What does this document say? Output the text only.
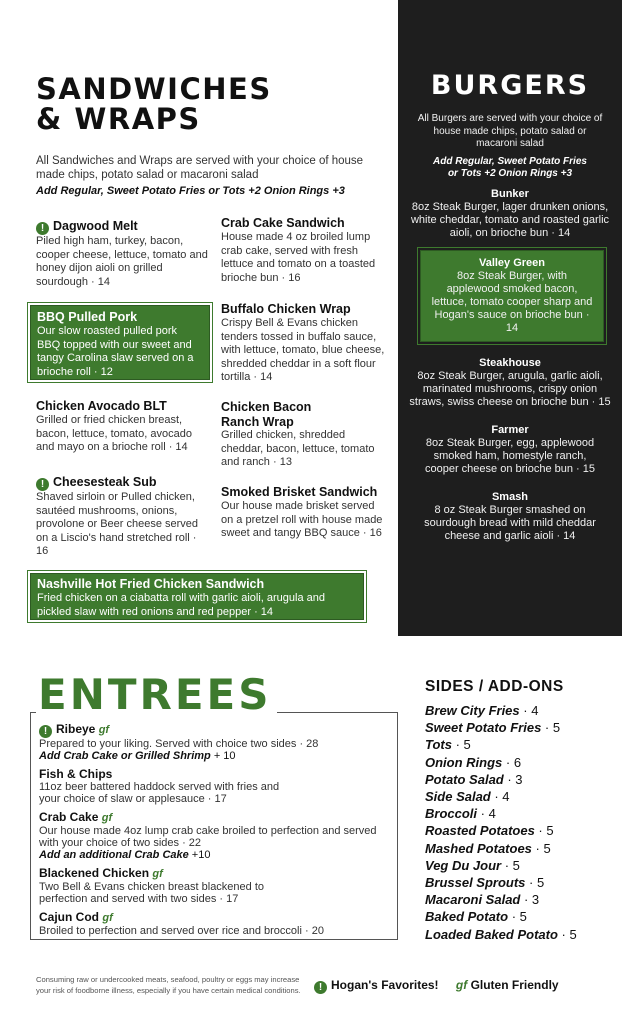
SANDWICHES
& WRAPS
All Sandwiches and Wraps are served with your choice of house made chips, potato salad or macaroni salad
Add Regular, Sweet Potato Fries or Tots +2 Onion Rings +3
! Dagwood Melt
Piled high ham, turkey, bacon, cooper cheese, lettuce, tomato and honey dijon aioli on grilled sourdough · 14
BBQ Pulled Pork
Our slow roasted pulled pork BBQ topped with our sweet and tangy Carolina slaw served on a brioche roll · 12
Chicken Avocado BLT
Grilled or fried chicken breast, bacon, lettuce, tomato, avocado and mayo on a brioche roll · 14
! Cheesesteak Sub
Shaved sirloin or Pulled chicken, sautéed mushrooms, onions, provolone or Beer cheese served on a Liscio's hand stretched roll · 16
Crab Cake Sandwich
House made 4 oz broiled lump crab cake, served with fresh lettuce and tomato on a toasted brioche bun · 16
Buffalo Chicken Wrap
Crispy Bell & Evans chicken tenders tossed in buffalo sauce, with lettuce, tomato, blue cheese, shredded cheddar in a soft flour tortilla · 14
Chicken Bacon Ranch Wrap
Grilled chicken, shredded cheddar, bacon, lettuce, tomato and ranch · 13
Smoked Brisket Sandwich
Our house made brisket served on a pretzel roll with house made sweet and tangy BBQ sauce · 16
Nashville Hot Fried Chicken Sandwich
Fried chicken on a ciabatta roll with garlic aioli, arugula and pickled slaw with red onions and red pepper · 14
BURGERS
All Burgers are served with your choice of house made chips, potato salad or macaroni salad
Add Regular, Sweet Potato Fries
or Tots +2 Onion Rings +3
Bunker
8oz Steak Burger, lager drunken onions, white cheddar, tomato and roasted garlic aioli, on brioche bun · 14
Valley Green
8oz Steak Burger, with applewood smoked bacon, lettuce, tomato cooper sharp and Hogan's sauce on brioche bun · 14
Steakhouse
8oz Steak Burger, arugula, garlic aioli, marinated mushrooms, crispy onion straws, swiss cheese on brioche bun · 15
Farmer
8oz Steak Burger, egg, applewood smoked ham, homestyle ranch, cooper cheese on brioche bun · 15
Smash
8 oz Steak Burger smashed on sourdough bread with mild cheddar cheese and garlic aioli · 14
! Ribeye gf
Prepared to your liking. Served with choice two sides · 28
Add Crab Cake or Grilled Shrimp + 10
Fish & Chips
11oz beer battered haddock served with fries and your choice of slaw or applesauce · 17
Crab Cake gf
Our house made 4oz lump crab cake broiled to perfection and served with your choice of two sides · 22
Add an additional Crab Cake +10
Blackened Chicken gf
Two Bell & Evans chicken breast blackened to perfection and served with two sides · 17
Cajun Cod gf
Broiled to perfection and served over rice and broccoli · 20
ENTREES	SIDES / ADD-ONS
Brew City Fries · 4
Sweet Potato Fries · 5
Tots · 5
Onion Rings · 6
Potato Salad · 3
Side Salad · 4
Broccoli · 4
Roasted Potatoes · 5
Mashed Potatoes · 5
Veg Du Jour · 5
Brussel Sprouts · 5
Macaroni Salad · 3
Baked Potato · 5
Loaded Baked Potato · 5
Consuming raw or undercooked meats, seafood, poultry or eggs may increase
your risk of foodborne illness, especially if you have certain medical conditions.	! Hogan's Favorites! gf Gluten Friendly
